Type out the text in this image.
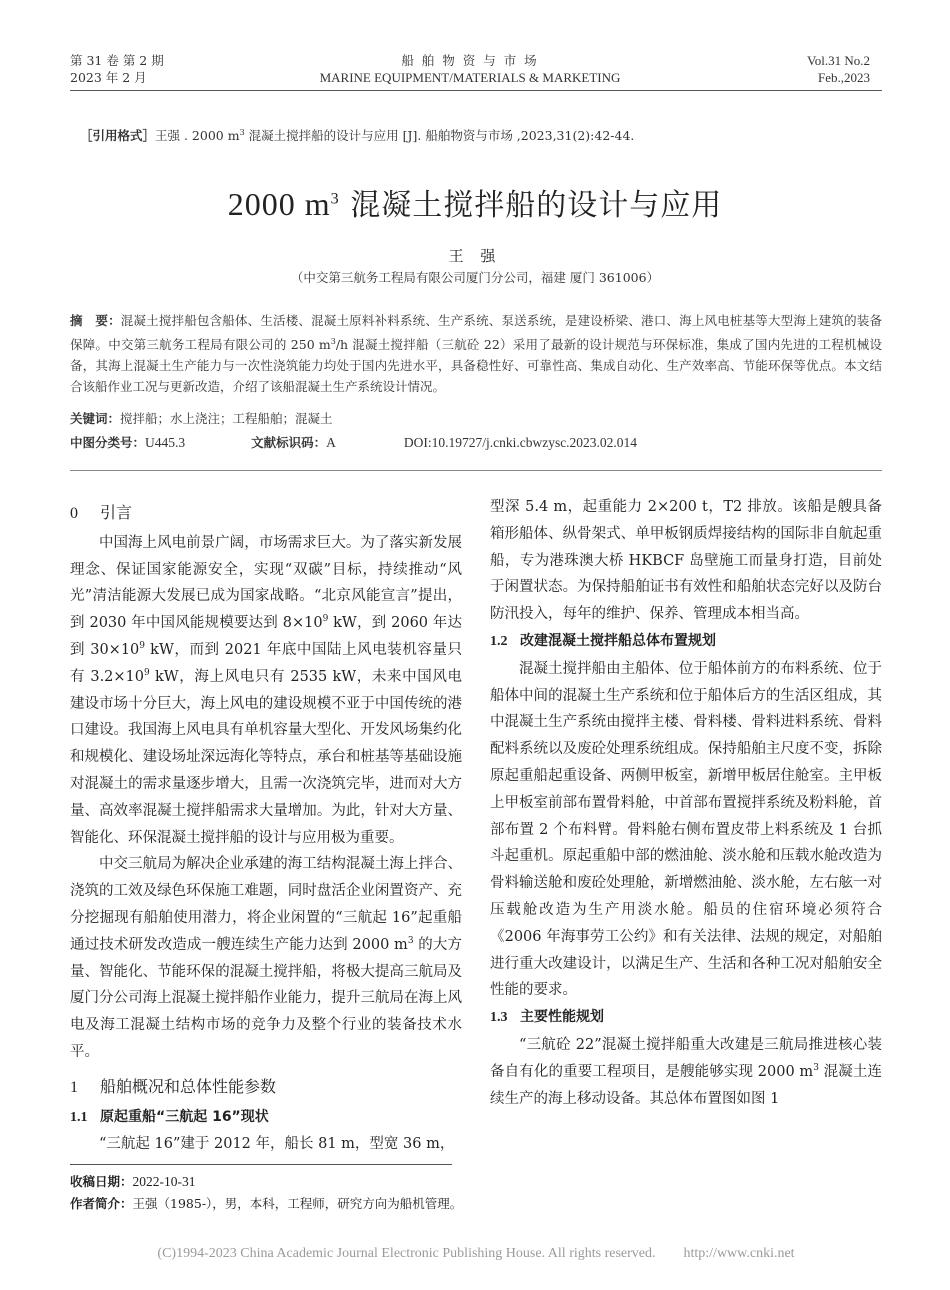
第 31 卷 第 2 期
2023 年 2 月
船 舶 物 资 与 市 场
MARINE EQUIPMENT/MATERIALS & MARKETING
Vol.31 No.2
Feb.,2023
［引用格式］王强 . 2000 $m^3$ 混凝土搅拌船的设计与应用 [J]. 船舶物资与市场 ,2023,31(2):42-44.
2000 $m^3$ 混凝土搅拌船的设计与应用
王 强
（中交第三航务工程局有限公司厦门分公司，福建 厦门 361006）
摘　要：混凝土搅拌船包含船体、生活楼、混凝土原料补料系统、生产系统、泵送系统，是建设桥梁、港口、海上风电桩基等大型海上建筑的装备保障。中交第三航务工程局有限公司的 250 $m^3/h$ 混凝土搅拌船（三航砼 22）采用了最新的设计规范与环保标准，集成了国内先进的工程机械设备，其海上混凝土生产能力与一次性浇筑能力均处于国内先进水平，具备稳性好、可靠性高、集成自动化、生产效率高、节能环保等优点。本文结合该船作业工况与更新改造，介绍了该船混凝土生产系统设计情况。
关键词：搅拌船；水上浇注；工程船舶；混凝土
中图分类号：U445.3	文献标识码：A	DOI:10.19727/j.cnki.cbwzysc.2023.02.014
0 引言

中国海上风电前景广阔，市场需求巨大。为了落实新发展理念、保证国家能源安全，实现“双碳”目标，持续推动“风光”清洁能源大发展已成为国家战略。“北京风能宣言”提出，到 2030 年中国风能规模要达到 $8\times 10^9$ kW，到 2060 年达到 $30\times 10^9$ kW，而到 2021 年底中国陆上风电装机容量只有 $3.2\times 10^9$ kW，海上风电只有 2535 kW，未来中国风电建设市场十分巨大，海上风电的建设规模不亚于中国传统的港口建设。我国海上风电具有单机容量大型化、开发风场集约化和规模化、建设场址深远海化等特点，承台和桩基等基础设施对混凝土的需求量逐步增大，且需一次浇筑完毕，进而对大方量、高效率混凝土搅拌船需求大量增加。为此，针对大方量、智能化、环保混凝土搅拌船的设计与应用极为重要。

中交三航局为解决企业承建的海工结构混凝土海上拌合、浇筑的工效及绿色环保施工难题，同时盘活企业闲置资产、充分挖掘现有船舶使用潜力，将企业闲置的“三航起 16”起重船通过技术研发改造成一艘连续生产能力达到 2000 $m^3$ 的大方量、智能化、节能环保的混凝土搅拌船，将极大提高三航局及厦门分公司海上混凝土搅拌船作业能力，提升三航局在海上风电及海工混凝土结构市场的竞争力及整个行业的装备技术水平。

1 船舶概况和总体性能参数
1.1 原起重船“三航起 16”现状

“三航起 16”建于 2012 年，船长 81 m，型宽 36 m，

型深 5.4 m，起重能力 2×200 t，T2 排放。该船是艘具备箱形船体、纵骨架式、单甲板钢质焊接结构的国际非自航起重船，专为港珠澳大桥 HKBCF 岛壁施工而量身打造，目前处于闲置状态。为保持船舶证书有效性和船舶状态完好以及防台防汛投入，每年的维护、保养、管理成本相当高。

1.2 改建混凝土搅拌船总体布置规划

混凝土搅拌船由主船体、位于船体前方的布料系统、位于船体中间的混凝土生产系统和位于船体后方的生活区组成，其中混凝土生产系统由搅拌主楼、骨料楼、骨料进料系统、骨料配料系统以及废砼处理系统组成。保持船舶主尺度不变，拆除原起重船起重设备、两侧甲板室，新增甲板居住舱室。主甲板上甲板室前部布置骨料舱，中首部布置搅拌系统及粉料舱，首部布置 2 个布料臂。骨料舱右侧布置皮带上料系统及 1 台抓斗起重机。原起重船中部的燃油舱、淡水舱和压载水舱改造为骨料输送舱和废砼处理舱，新增燃油舱、淡水舱，左右舷一对压载舱改造为生产用淡水舱。船员的住宿环境必须符合《2006 年海事劳工公约》和有关法律、法规的规定，对船舶进行重大改建设计，以满足生产、生活和各种工况对船舶安全性能的要求。

1.3 主要性能规划

“三航砼 22”混凝土搅拌船重大改建是三航局推进核心装备自有化的重要工程项目，是艘能够实现 2000 $m^3$ 混凝土连续生产的海上移动设备。其总体布置图如图 1

收稿日期：2022-10-31
作者简介：王强（1985-），男，本科，工程师，研究方向为船机管理。
(C)1994-2023 China Academic Journal Electronic Publishing House. All rights reserved.　　http://www.cnki.net
